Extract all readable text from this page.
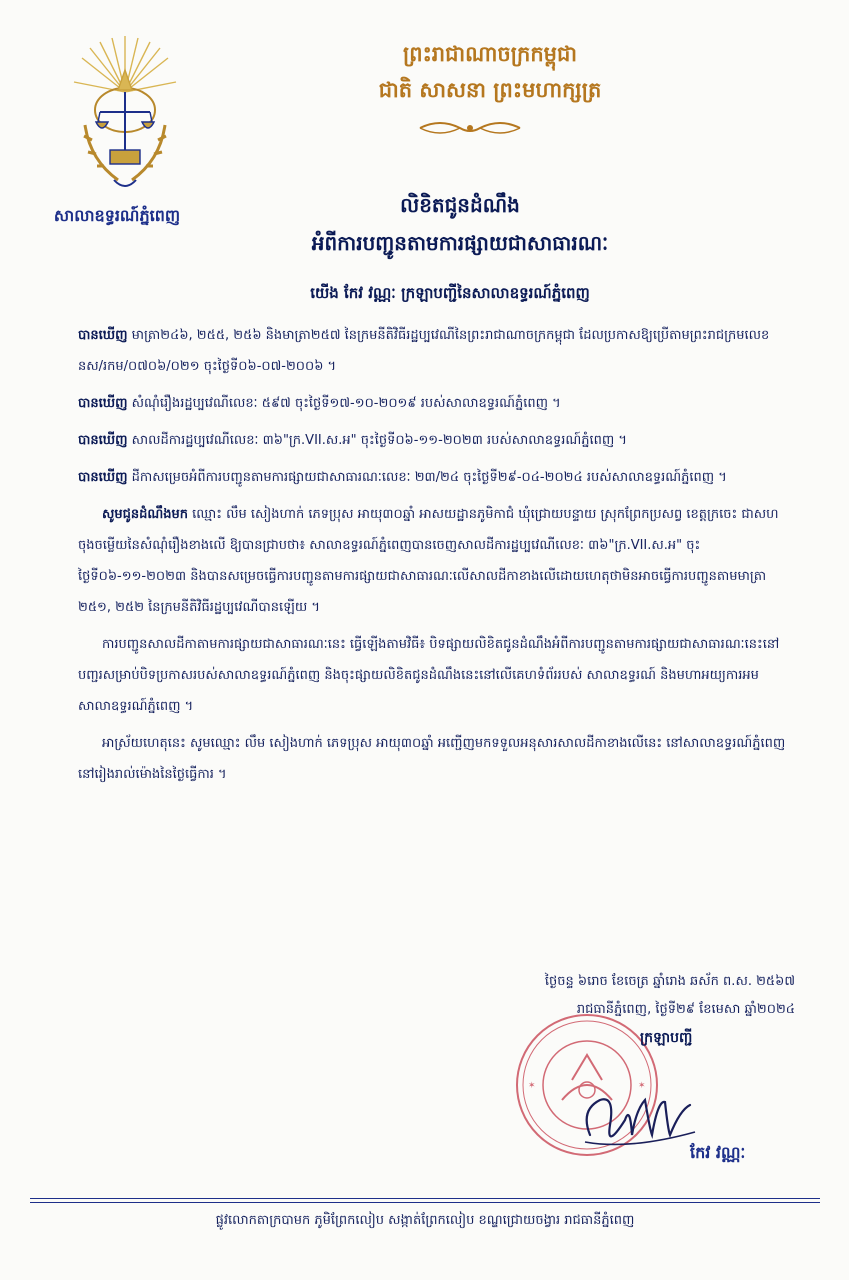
សាលាឧទ្ធរណ៍ភ្នំពេញ
ព្រះរាជាណាចក្រកម្ពុជា
ជាតិ សាសនា ព្រះមហាក្សត្រ
លិខិតជូនដំណឹង
អំពីការបញ្ជូនតាមការផ្សាយជាសាធារណៈ
យើង កែវ វណ្ណៈ ក្រឡាបញ្ជីនៃសាលាឧទ្ធរណ៍ភ្នំពេញ

បានឃើញ មាត្រា២៤៦, ២៥៥, ២៥៦ និងមាត្រា២៥៧ នៃក្រមនីតិវិធីរដ្ឋប្បវេណីនៃព្រះរាជាណាចក្រកម្ពុជា ដែលប្រកាសឱ្យប្រើតាមព្រះរាជក្រមលេខ នស/រកម/០៧០៦/០២១ ចុះថ្ងៃទី០៦-០៧-២០០៦ ។

បានឃើញ សំណុំរឿងរដ្ឋប្បវេណីលេខៈ ៥៩៧ ចុះថ្ងៃទី១៧-១០-២០១៩ របស់សាលាឧទ្ធរណ៍ភ្នំពេញ ។

បានឃើញ សាលដីការដ្ឋប្បវេណីលេខៈ ៣៦"ក្រ.VII.ស.អ" ចុះថ្ងៃទី០៦-១១-២០២៣ របស់សាលាឧទ្ធរណ៍ភ្នំពេញ ។

បានឃើញ ដីកាសម្រេចអំពីការបញ្ជូនតាមការផ្សាយជាសាធារណៈលេខៈ ២៣/២៤ ចុះថ្ងៃទី២៩-០៤-២០២៤ របស់សាលាឧទ្ធរណ៍ភ្នំពេញ ។

សូមជូនដំណឹងមក ឈ្មោះ លឹម សៀងហាក់ ភេទប្រុស អាយុ៣០ឆ្នាំ អាសយដ្ឋានភូមិកាជំ ឃុំជ្រោយបន្ទាយ ស្រុកព្រែកប្រសព្វ ខេត្តក្រចេះ ជាសហចុងចម្លើយនៃសំណុំរឿងខាងលើ ឱ្យបានជ្រាបថា៖ សាលាឧទ្ធរណ៍ភ្នំពេញបានចេញសាលដីការដ្ឋប្បវេណីលេខៈ ៣៦"ក្រ.VII.ស.អ" ចុះថ្ងៃទី០៦-១១-២០២៣ និងបានសម្រេចធ្វើការបញ្ជូនតាមការផ្សាយជាសាធារណៈលើសាលដីកាខាងលើដោយហេតុថាមិនអាចធ្វើការបញ្ជូនតាមមាត្រា ២៥១, ២៥២ នៃក្រមនីតិវិធីរដ្ឋប្បវេណីបានឡើយ ។

ការបញ្ជូនសាលដីកាតាមការផ្សាយជាសាធារណៈនេះ ធ្វើឡើងតាមវិធី៖ បិទផ្សាយលិខិតជូនដំណឹងអំពីការបញ្ជូនតាមការផ្សាយជាសាធារណៈនេះនៅបញ្ជរសម្រាប់បិទប្រកាសរបស់សាលាឧទ្ធរណ៍ភ្នំពេញ និងចុះផ្សាយលិខិតជូនដំណឹងនេះនៅលើគេហទំព័ររបស់ សាលាឧទ្ធរណ៍ និងមហាអយ្យការអមសាលាឧទ្ធរណ៍ភ្នំពេញ ។

អាស្រ័យហេតុនេះ សូមឈ្មោះ លឹម សៀងហាក់ ភេទប្រុស អាយុ៣០ឆ្នាំ អញ្ជើញមកទទួលអនុសារសាលដីកាខាងលើនេះ នៅសាលាឧទ្ធរណ៍ភ្នំពេញ នៅរៀងរាល់ម៉ោងនៃថ្ងៃធ្វើការ ។

ថ្ងៃចន្ទ ៦រោច ខែចេត្រ ឆ្នាំរោង ឆស័ក ព.ស. ២៥៦៧
រាជធានីភ្នំពេញ, ថ្ងៃទី២៩ ខែមេសា ឆ្នាំ២០២៤
✶	✶
ក្រឡាបញ្ជី
កែវ វណ្ណៈ
ផ្លូវលោកតាក្របាមក ភូមិព្រែកលៀប សង្កាត់ព្រែកលៀប ខណ្ឌជ្រោយចង្វារ រាជធានីភ្នំពេញ
